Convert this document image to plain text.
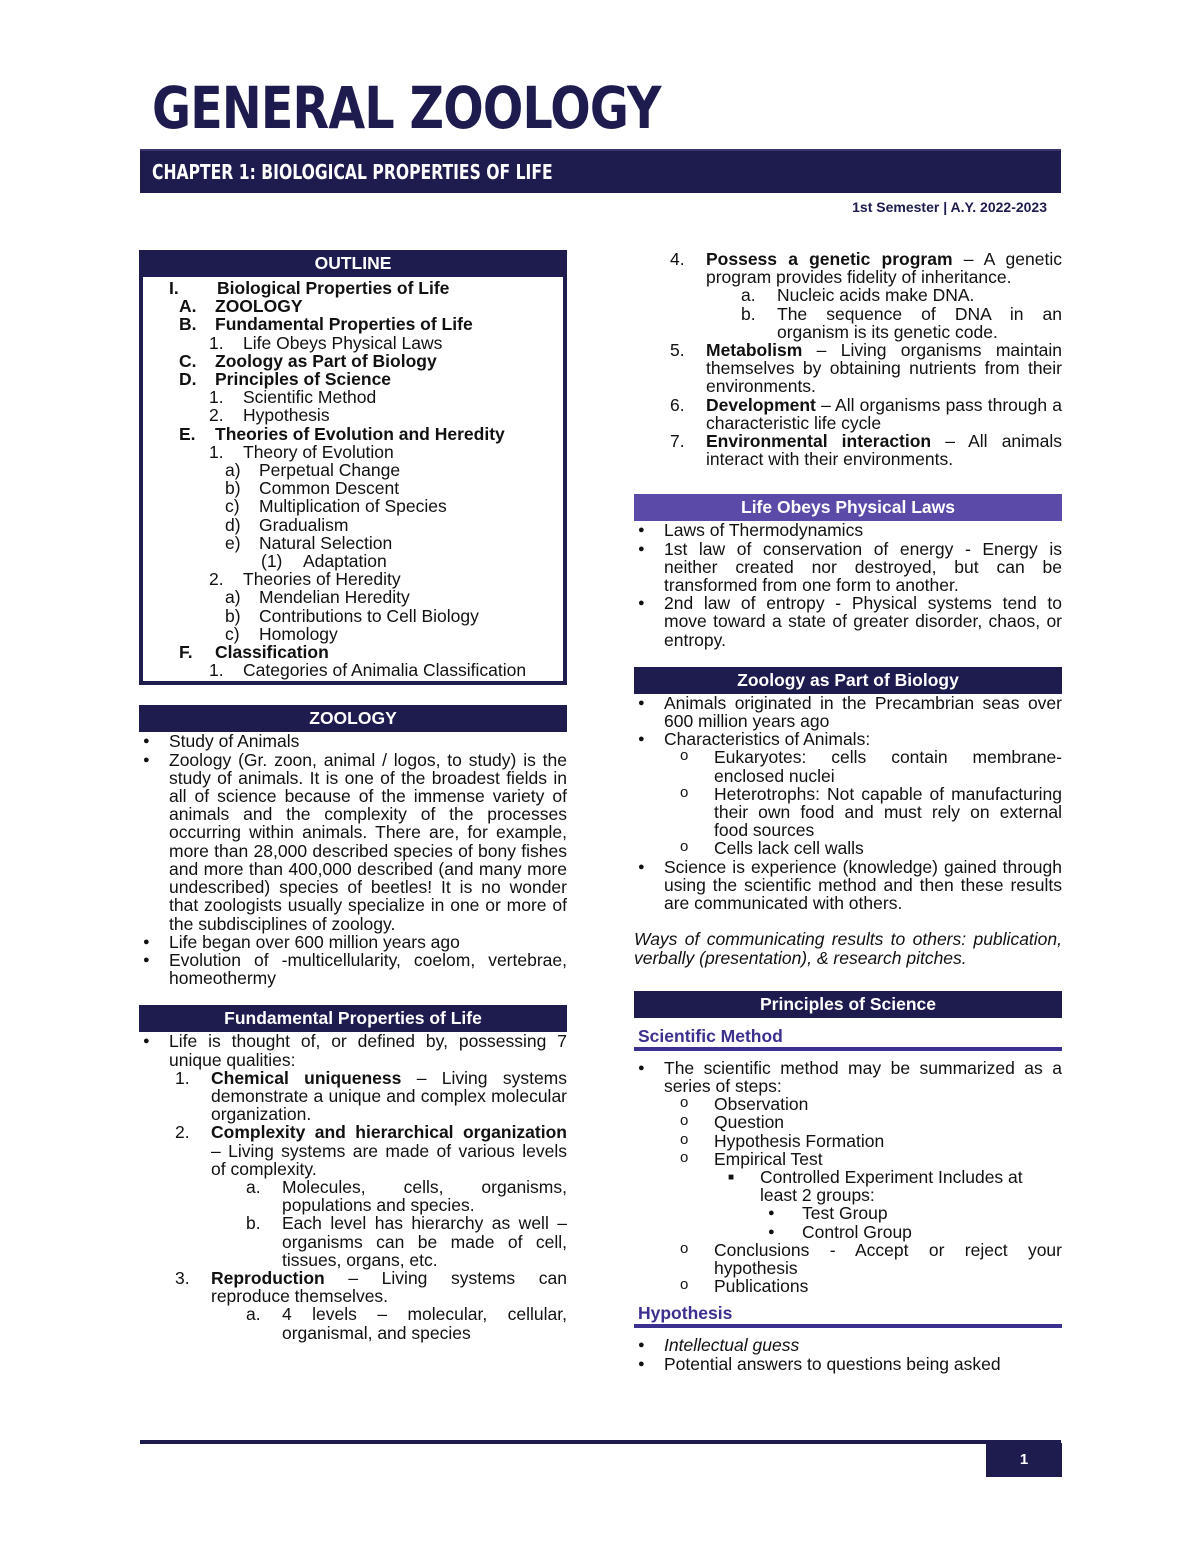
GENERAL ZOOLOGY
CHAPTER 1: BIOLOGICAL PROPERTIES OF LIFE
1st Semester | A.Y. 2022-2023
OUTLINE
I.	Biological Properties of Life
A.	ZOOLOGY
B.	Fundamental Properties of Life
1.	Life Obeys Physical Laws
C.	Zoology as Part of Biology
D.	Principles of Science
1.	Scientific Method
2.	Hypothesis
E.	Theories of Evolution and Heredity
1.	Theory of Evolution
a)	Perpetual Change
b)	Common Descent
c)	Multiplication of Species
d)	Gradualism
e)	Natural Selection
(1)	Adaptation
2.	Theories of Heredity
a)	Mendelian Heredity
b)	Contributions to Cell Biology
c)	Homology
F.	Classification
1.	Categories of Animalia Classification
ZOOLOGY
● Study of Animals
● Zoology (Gr. zoon, animal / logos, to study) is the study of animals. It is one of the broadest fields in all of science because of the immense variety of animals and the complexity of the processes occurring within animals. There are, for example, more than 28,000 described species of bony fishes and more than 400,000 described (and many more undescribed) species of beetles! It is no wonder that zoologists usually specialize in one or more of the subdisciplines of zoology.
● Life began over 600 million years ago
● Evolution of -multicellularity, coelom, vertebrae, homeothermy
Fundamental Properties of Life
● Life is thought of, or defined by, possessing 7 unique qualities:
1. Chemical uniqueness – Living systems demonstrate a unique and complex molecular organization.
2. Complexity and hierarchical organization – Living systems are made of various levels of complexity.
a. Molecules, cells, organisms, populations and species.
b. Each level has hierarchy as well – organisms can be made of cell, tissues, organs, etc.
3. Reproduction – Living systems can reproduce themselves.
a. 4 levels – molecular, cellular, organismal, and species
4. Possess a genetic program – A genetic program provides fidelity of inheritance.
a. Nucleic acids make DNA.
b. The sequence of DNA in an organism is its genetic code.
5. Metabolism – Living organisms maintain themselves by obtaining nutrients from their environments.
6. Development – All organisms pass through a characteristic life cycle
7. Environmental interaction – All animals interact with their environments.
Life Obeys Physical Laws
● Laws of Thermodynamics
● 1st law of conservation of energy - Energy is neither created nor destroyed, but can be transformed from one form to another.
● 2nd law of entropy - Physical systems tend to move toward a state of greater disorder, chaos, or entropy.
Zoology as Part of Biology
● Animals originated in the Precambrian seas over 600 million years ago
● Characteristics of Animals:
o Eukaryotes: cells contain membrane-enclosed nuclei
o Heterotrophs: Not capable of manufacturing their own food and must rely on external food sources
o Cells lack cell walls
● Science is experience (knowledge) gained through using the scientific method and then these results are communicated with others.
Ways of communicating results to others: publication, verbally (presentation), & research pitches.
Principles of Science
Scientific Method
● The scientific method may be summarized as a series of steps:
o Observation
o Question
o Hypothesis Formation
o Empirical Test
■ Controlled Experiment Includes at least 2 groups:
● Test Group
● Control Group
o Conclusions - Accept or reject your hypothesis
o Publications
Hypothesis
● Intellectual guess
● Potential answers to questions being asked
1
